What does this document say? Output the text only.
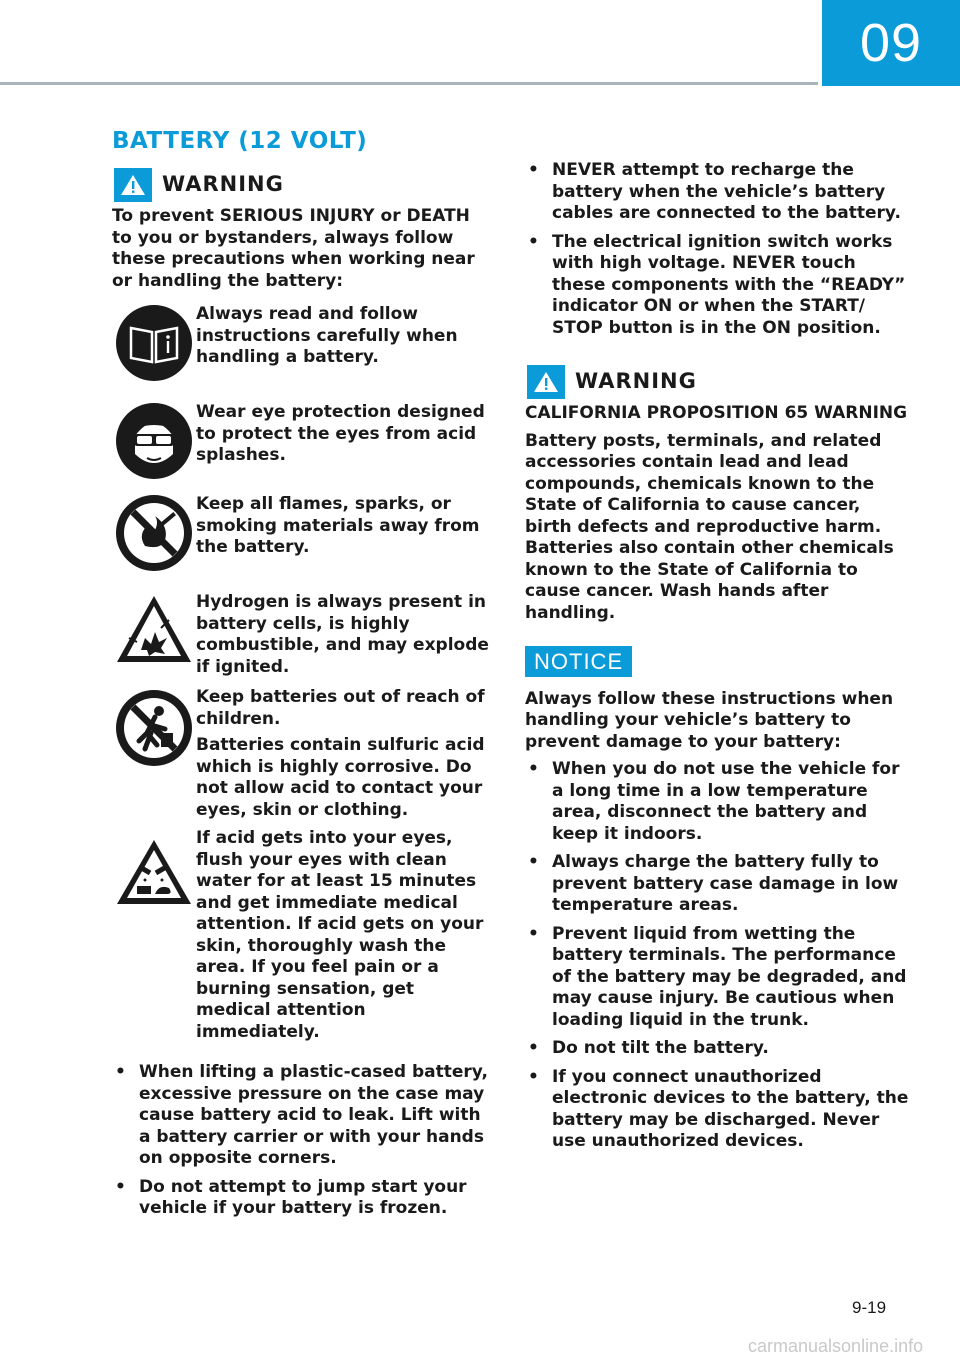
09
BATTERY (12 VOLT)
WARNING

To prevent SERIOUS INJURY or DEATH to you or bystanders, always follow these precautions when working near or handling the battery:

Always read and follow instructions carefully when handling a battery.

Wear eye protection designed to protect the eyes from acid splashes.

Keep all flames, sparks, or smoking materials away from the battery.

Hydrogen is always present in battery cells, is highly combustible, and may explode if ignited.

Keep batteries out of reach of children.

Batteries contain sulfuric acid which is highly corrosive. Do not allow acid to contact your eyes, skin or clothing.

If acid gets into your eyes, flush your eyes with clean water for at least 15 minutes and get immediate medical attention. If acid gets on your skin, thoroughly wash the area. If you feel pain or a burning sensation, get medical attention immediately.

• When lifting a plastic-cased battery, excessive pressure on the case may cause battery acid to leak. Lift with a battery carrier or with your hands on opposite corners.
• Do not attempt to jump start your vehicle if your battery is frozen.
• NEVER attempt to recharge the battery when the vehicle’s battery cables are connected to the battery.
• The electrical ignition switch works with high voltage. NEVER touch these components with the “READY” indicator ON or when the START/ STOP button is in the ON position.
WARNING

CALIFORNIA PROPOSITION 65 WARNING

Battery posts, terminals, and related accessories contain lead and lead compounds, chemicals known to the State of California to cause cancer, birth defects and reproductive harm. Batteries also contain other chemicals known to the State of California to cause cancer. Wash hands after handling.

NOTICE

Always follow these instructions when handling your vehicle’s battery to prevent damage to your battery:

• When you do not use the vehicle for a long time in a low temperature area, disconnect the battery and keep it indoors.
• Always charge the battery fully to prevent battery case damage in low temperature areas.
• Prevent liquid from wetting the battery terminals. The performance of the battery may be degraded, and may cause injury. Be cautious when loading liquid in the trunk.
• Do not tilt the battery.
• If you connect unauthorized electronic devices to the battery, the battery may be discharged. Never use unauthorized devices.
9-19
carmanualsonline.info
